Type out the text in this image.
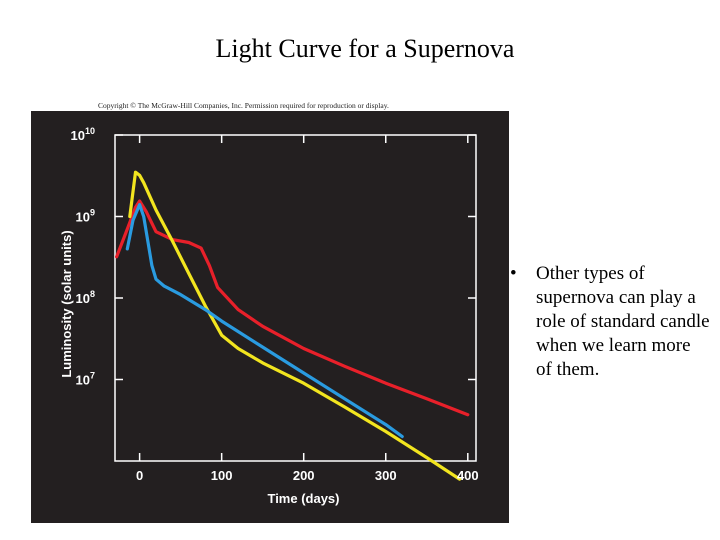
Light Curve for a Supernova
Copyright © The McGraw-Hill Companies, Inc. Permission required for reproduction or display.
0	100	200	300	400
$10^{10}$
$10^9$
$10^8$
$10^7$
Time (days)
Luminosity (solar units)	• Other types of supernova can play a role of standard candle when we learn more of them.
